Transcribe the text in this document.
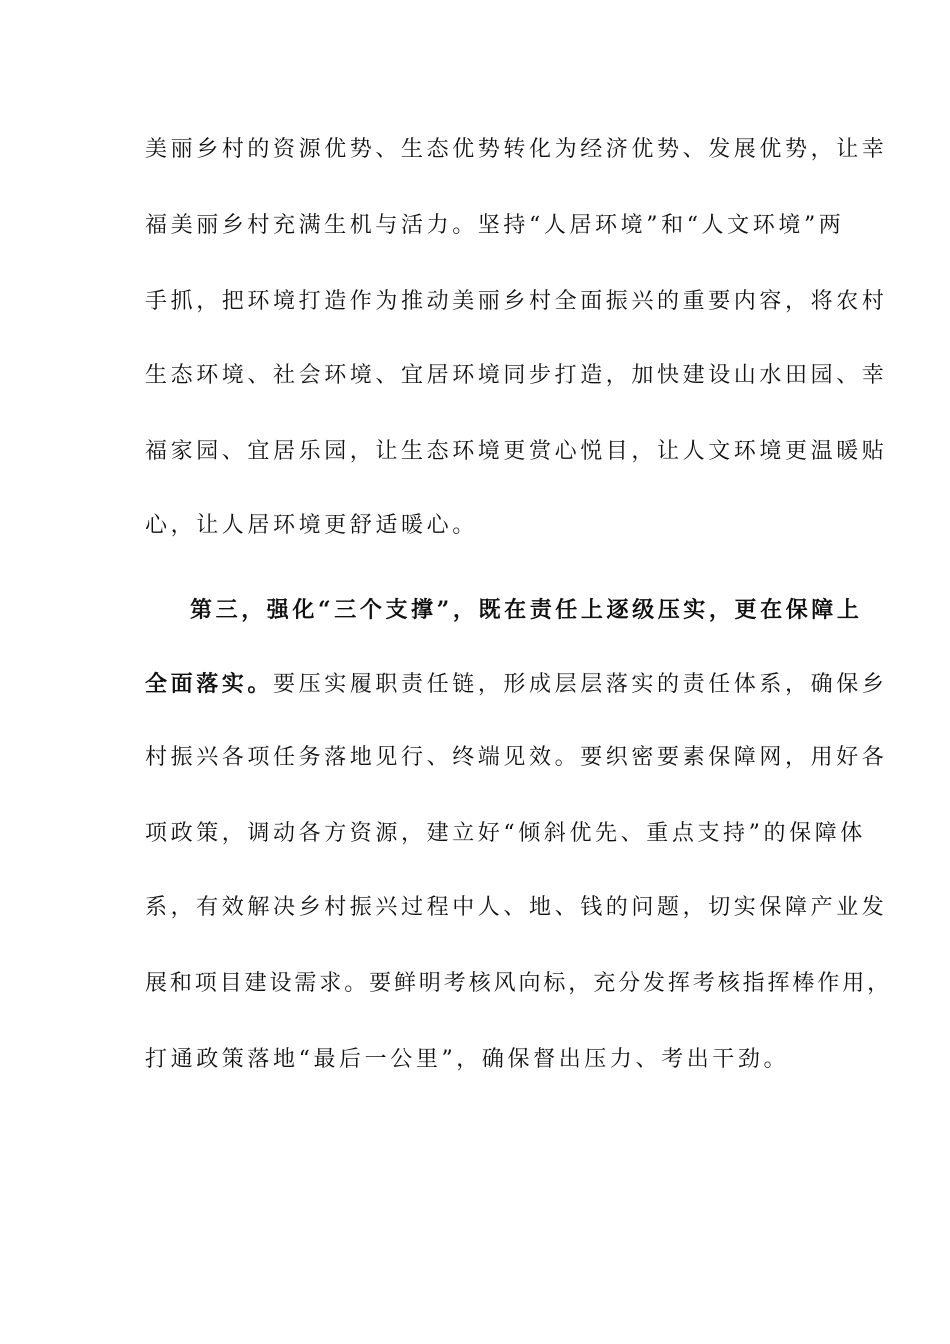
美丽乡村的资源优势、生态优势转化为经济优势、发展优势，让幸
福美丽乡村充满生机与活力。坚持“人居环境”和“人文环境”两
手抓，把环境打造作为推动美丽乡村全面振兴的重要内容，将农村
生态环境、社会环境、宜居环境同步打造，加快建设山水田园、幸
福家园、宜居乐园，让生态环境更赏心悦目，让人文环境更温暖贴
心，让人居环境更舒适暖心。
第三，强化“三个支撑”，既在责任上逐级压实，更在保障上
全面落实。要压实履职责任链，形成层层落实的责任体系，确保乡
村振兴各项任务落地见行、终端见效。要织密要素保障网，用好各
项政策，调动各方资源，建立好“倾斜优先、重点支持”的保障体
系，有效解决乡村振兴过程中人、地、钱的问题，切实保障产业发
展和项目建设需求。要鲜明考核风向标，充分发挥考核指挥棒作用，
打通政策落地“最后一公里”，确保督出压力、考出干劲。
